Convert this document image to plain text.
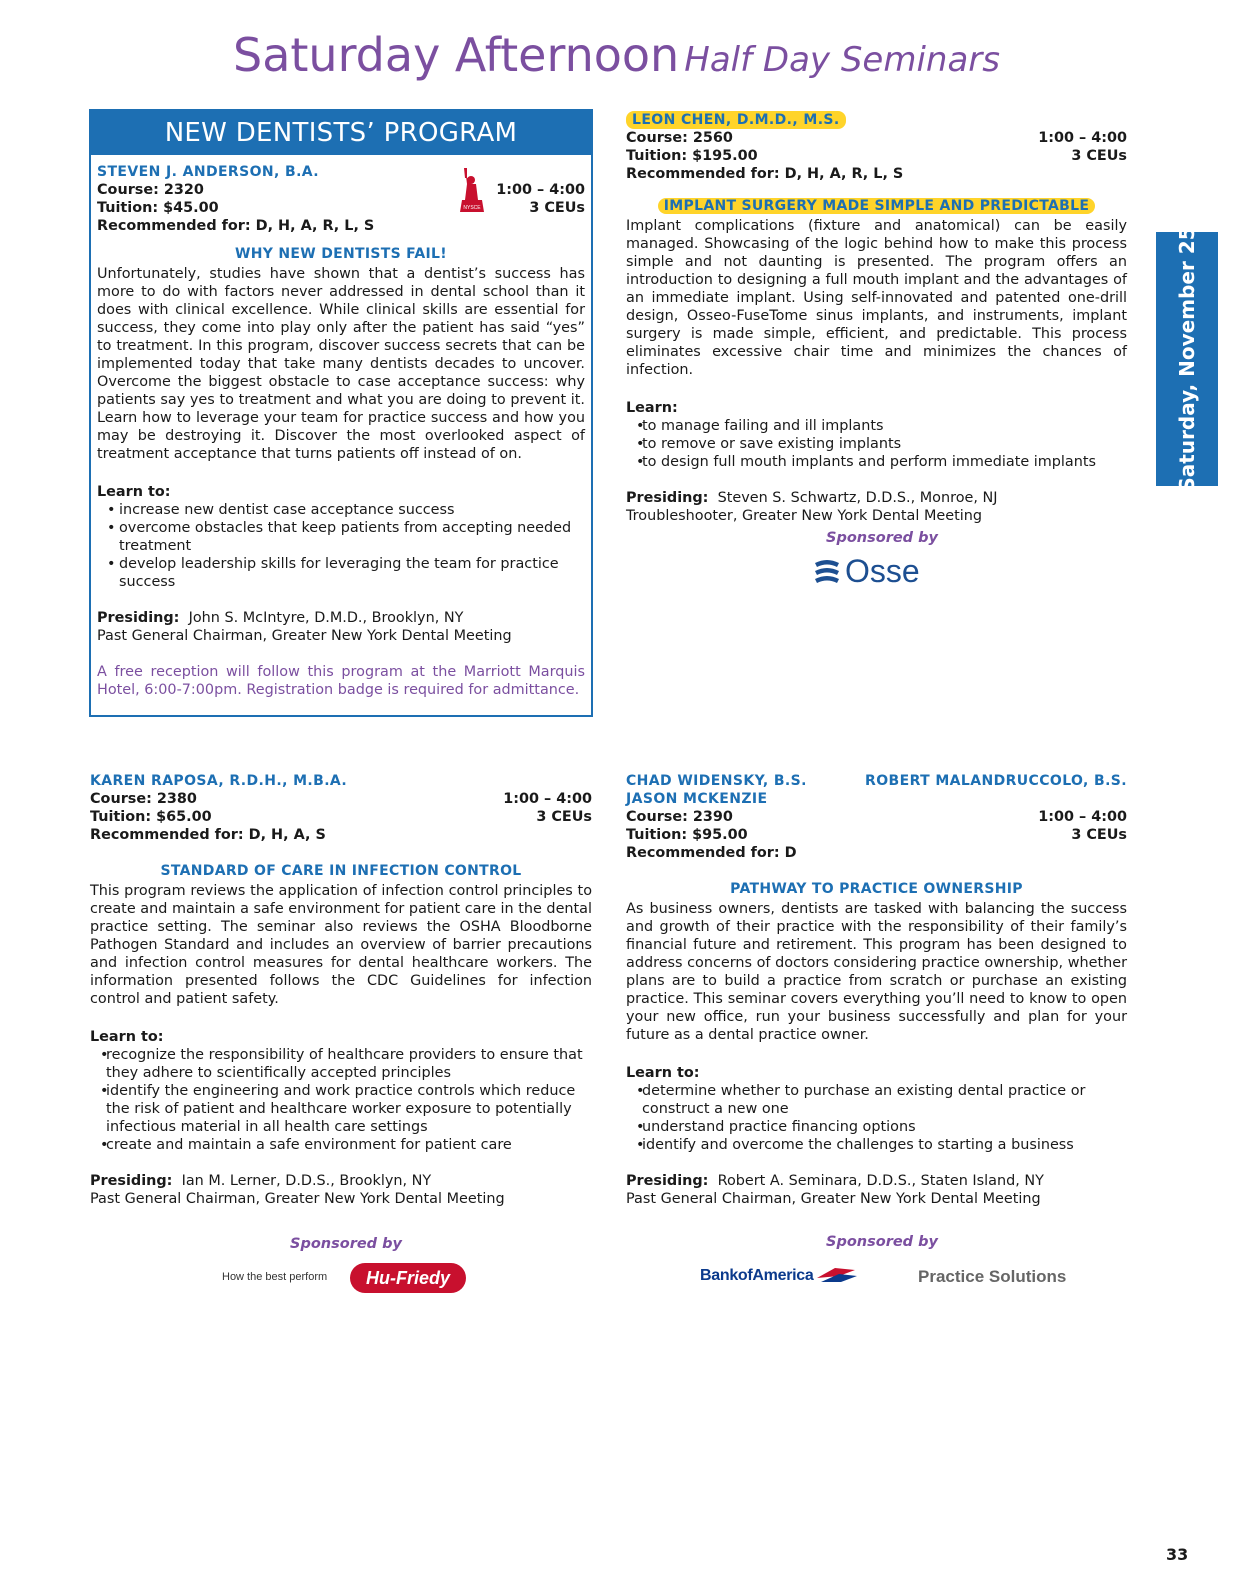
Saturday Afternoon Half Day Seminars
Saturday, November 25
NEW DENTISTS’ PROGRAM
STEVEN J. ANDERSON, B.A.
Course: 2320	1:00 – 4:00
Tuition: $45.00	3 CEUs
Recommended for: D, H, A, R, L, S
WHY NEW DENTISTS FAIL!
Unfortunately, studies have shown that a dentist’s success has more to do with factors never addressed in dental school than it does with clinical excellence. While clinical skills are essential for success, they come into play only after the patient has said “yes” to treatment. In this program, discover success secrets that can be implemented today that take many dentists decades to uncover. Overcome the biggest obstacle to case acceptance success: why patients say yes to treatment and what you are doing to prevent it. Learn how to leverage your team for practice success and how you may be destroying it. Discover the most overlooked aspect of treatment acceptance that turns patients off instead of on.
Learn to:
• increase new dentist case acceptance success
• overcome obstacles that keep patients from accepting needed treatment
• develop leadership skills for leveraging the team for practice success
Presiding: John S. McIntyre, D.M.D., Brooklyn, NY
Past General Chairman, Greater New York Dental Meeting
A free reception will follow this program at the Marriott Marquis Hotel, 6:00-7:00pm. Registration badge is required for admittance.
NYSCE
LEON CHEN, D.M.D., M.S.
Course: 2560	1:00 – 4:00
Tuition: $195.00	3 CEUs
Recommended for: D, H, A, R, L, S
IMPLANT SURGERY MADE SIMPLE AND PREDICTABLE
Implant complications (fixture and anatomical) can be easily managed. Showcasing of the logic behind how to make this process simple and not daunting is presented. The program offers an introduction to designing a full mouth implant and the advantages of an immediate implant. Using self-innovated and patented one-drill design, Osseo-FuseTome sinus implants, and instruments, implant surgery is made simple, efficient, and predictable. This process eliminates excessive chair time and minimizes the chances of infection.
Learn:
• to manage failing and ill implants
• to remove or save existing implants
• to design full mouth implants and perform immediate implants
Presiding: Steven S. Schwartz, D.D.S., Monroe, NJ
Troubleshooter, Greater New York Dental Meeting
Sponsored by
Osse
KAREN RAPOSA, R.D.H., M.B.A.
Course: 2380	1:00 – 4:00
Tuition: $65.00	3 CEUs
Recommended for: D, H, A, S
STANDARD OF CARE IN INFECTION CONTROL
This program reviews the application of infection control principles to create and maintain a safe environment for patient care in the dental practice setting. The seminar also reviews the OSHA Bloodborne Pathogen Standard and includes an overview of barrier precautions and infection control measures for dental healthcare workers. The information presented follows the CDC Guidelines for infection control and patient safety.
Learn to:
• recognize the responsibility of healthcare providers to ensure that they adhere to scientifically accepted principles
• identify the engineering and work practice controls which reduce the risk of patient and healthcare worker exposure to potentially infectious material in all health care settings
• create and maintain a safe environment for patient care
Presiding: Ian M. Lerner, D.D.S., Brooklyn, NY
Past General Chairman, Greater New York Dental Meeting
Sponsored by
How the best perform	Hu-Friedy
CHAD WIDENSKY, B.S.	ROBERT MALANDRUCCOLO, B.S.
JASON MCKENZIE
Course: 2390	1:00 – 4:00
Tuition: $95.00	3 CEUs
Recommended for: D
PATHWAY TO PRACTICE OWNERSHIP
As business owners, dentists are tasked with balancing the success and growth of their practice with the responsibility of their family’s financial future and retirement. This program has been designed to address concerns of doctors considering practice ownership, whether plans are to build a practice from scratch or purchase an existing practice. This seminar covers everything you’ll need to know to open your new office, run your business successfully and plan for your future as a dental practice owner.
Learn to:
• determine whether to purchase an existing dental practice or construct a new one
• understand practice financing options
• identify and overcome the challenges to starting a business
Presiding: Robert A. Seminara, D.D.S., Staten Island, NY
Past General Chairman, Greater New York Dental Meeting
Sponsored by
BankofAmerica	Practice Solutions
33
